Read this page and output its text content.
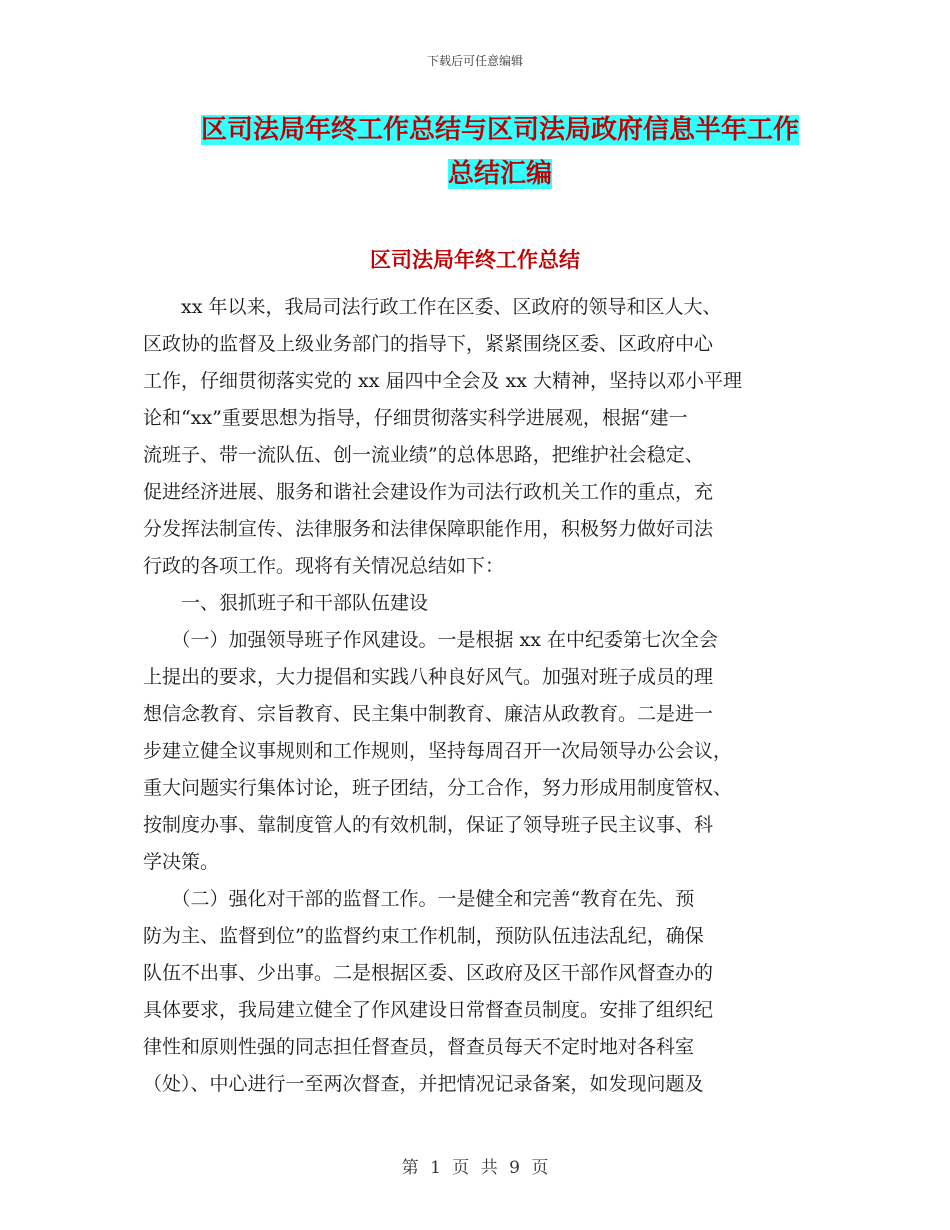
下载后可任意编辑
区司法局年终工作总结与区司法局政府信息半年工作
总结汇编
区司法局年终工作总结

　　xx 年以来，我局司法行政工作在区委、区政府的领导和区人大、

区政协的监督及上级业务部门的指导下，紧紧围绕区委、区政府中心

工作，仔细贯彻落实党的 xx 届四中全会及 xx 大精神，坚持以邓小平理

论和“xx”重要思想为指导，仔细贯彻落实科学进展观，根据“建一

流班子、带一流队伍、创一流业绩”的总体思路，把维护社会稳定、

促进经济进展、服务和谐社会建设作为司法行政机关工作的重点，充

分发挥法制宣传、法律服务和法律保障职能作用，积极努力做好司法

行政的各项工作。现将有关情况总结如下：

　　一、狠抓班子和干部队伍建设

　　（一）加强领导班子作风建设。一是根据 xx 在中纪委第七次全会

上提出的要求，大力提倡和实践八种良好风气。加强对班子成员的理

想信念教育、宗旨教育、民主集中制教育、廉洁从政教育。二是进一

步建立健全议事规则和工作规则，坚持每周召开一次局领导办公会议，

重大问题实行集体讨论，班子团结，分工合作，努力形成用制度管权、

按制度办事、靠制度管人的有效机制，保证了领导班子民主议事、科

学决策。

　　（二）强化对干部的监督工作。一是健全和完善“教育在先、预

防为主、监督到位”的监督约束工作机制，预防队伍违法乱纪，确保

队伍不出事、少出事。二是根据区委、区政府及区干部作风督查办的

具体要求，我局建立健全了作风建设日常督查员制度。安排了组织纪

律性和原则性强的同志担任督查员，督查员每天不定时地对各科室

（处）、中心进行一至两次督查，并把情况记录备案，如发现问题及

第 1 页 共 9 页
